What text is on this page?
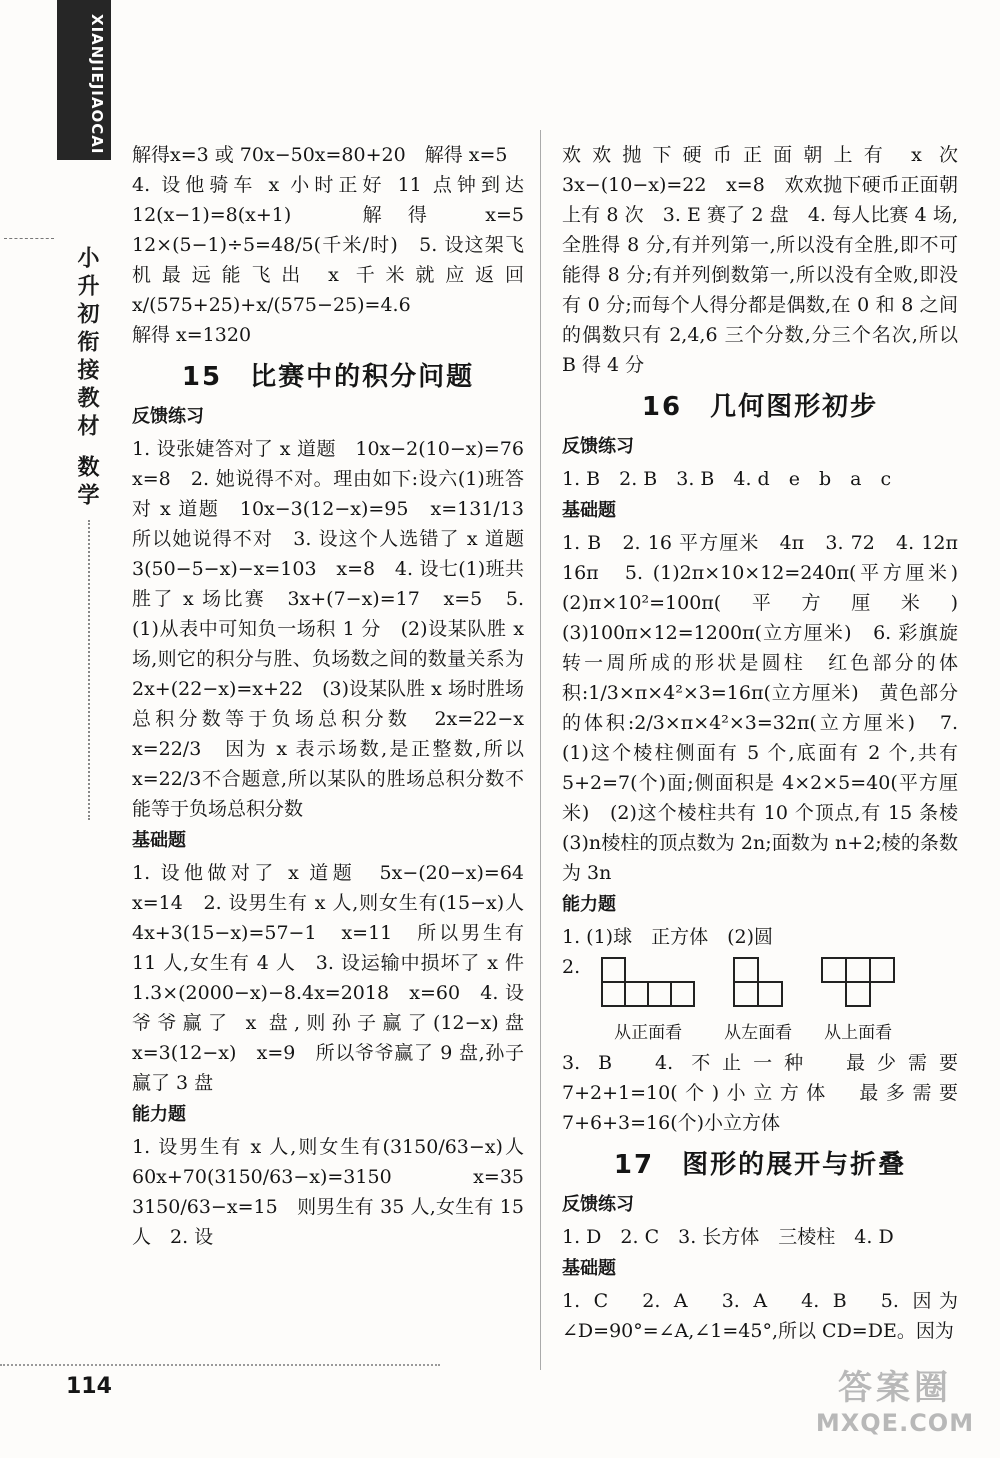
XIANJIEJIAOCAI
小升初衔接教材
数学
114

解得x=3 或 70x−50x=80+20　解得 x=5

4. 设他骑车 x 小时正好 11 点钟到达　12(x−1)=8(x+1)　解得 x=5　12×(5−1)÷5=48/5(千米/时)　5. 设这架飞机最远能飞出 x 千米就应返回　x/(575+25)+x/(575−25)=4.6

解得 x=1320

15　比赛中的积分问题
反馈练习

1. 设张婕答对了 x 道题　10x−2(10−x)=76　x=8　2. 她说得不对。理由如下:设六(1)班答对 x 道题　10x−3(12−x)=95　x=131/13　所以她说得不对　3. 设这个人选错了 x 道题　3(50−5−x)−x=103　x=8　4. 设七(1)班共胜了 x 场比赛　3x+(7−x)=17　x=5　5. (1)从表中可知负一场积 1 分　(2)设某队胜 x 场,则它的积分与胜、负场数之间的数量关系为 2x+(22−x)=x+22　(3)设某队胜 x 场时胜场总积分数等于负场总积分数　2x=22−x　x=22/3　因为 x 表示场数,是正整数,所以 x=22/3不合题意,所以某队的胜场总积分数不能等于负场总积分数

基础题

1. 设他做对了 x 道题　5x−(20−x)=64　x=14　2. 设男生有 x 人,则女生有(15−x)人　4x+3(15−x)=57−1　x=11　所以男生有 11 人,女生有 4 人　3. 设运输中损坏了 x 件　1.3×(2000−x)−8.4x=2018　x=60　4. 设爷爷赢了 x 盘,则孙子赢了(12−x)盘　x=3(12−x)　x=9　所以爷爷赢了 9 盘,孙子赢了 3 盘

能力题

1. 设男生有 x 人,则女生有(3150/63−x)人　60x+70(3150/63−x)=3150　x=35　3150/63−x=15　则男生有 35 人,女生有 15 人　2. 设

欢欢抛下硬币正面朝上有 x 次　3x−(10−x)=22　x=8　欢欢抛下硬币正面朝上有 8 次　3. E 赛了 2 盘　4. 每人比赛 4 场,全胜得 8 分,有并列第一,所以没有全胜,即不可能得 8 分;有并列倒数第一,所以没有全败,即没有 0 分;而每个人得分都是偶数,在 0 和 8 之间的偶数只有 2,4,6 三个分数,分三个名次,所以 B 得 4 分

16　几何图形初步
反馈练习

1. B　2. B　3. B　4. d　e　b　a　c

基础题

1. B　2. 16 平方厘米　4π　3. 72　4. 12π　16π　5. (1)2π×10×12=240π(平方厘米)　(2)π×10²=100π(平方厘米)　(3)100π×12=1200π(立方厘米)　6. 彩旗旋转一周所成的形状是圆柱　红色部分的体积:1/3×π×4²×3=16π(立方厘米)　黄色部分的体积:2/3×π×4²×3=32π(立方厘米)　7. (1)这个棱柱侧面有 5 个,底面有 2 个,共有 5+2=7(个)面;侧面积是 4×2×5=40(平方厘米)　(2)这个棱柱共有 10 个顶点,有 15 条棱　(3)n棱柱的顶点数为 2n;面数为 n+2;棱的条数为 3n

能力题

1. (1)球　正方体　(2)圆

2.
从正面看	从左面看 从上面看

3. B　4. 不止一种　最少需要 7+2+1=10(个)小立方体　最多需要 7+6+3=16(个)小立方体

17　图形的展开与折叠
反馈练习

1. D　2. C　3. 长方体　三棱柱　4. D

基础题

1. C　2. A　3. A　4. B　5. 因为∠D=90°=∠A,∠1=45°,所以 CD=DE。因为

答案圈
MXQE.COM
